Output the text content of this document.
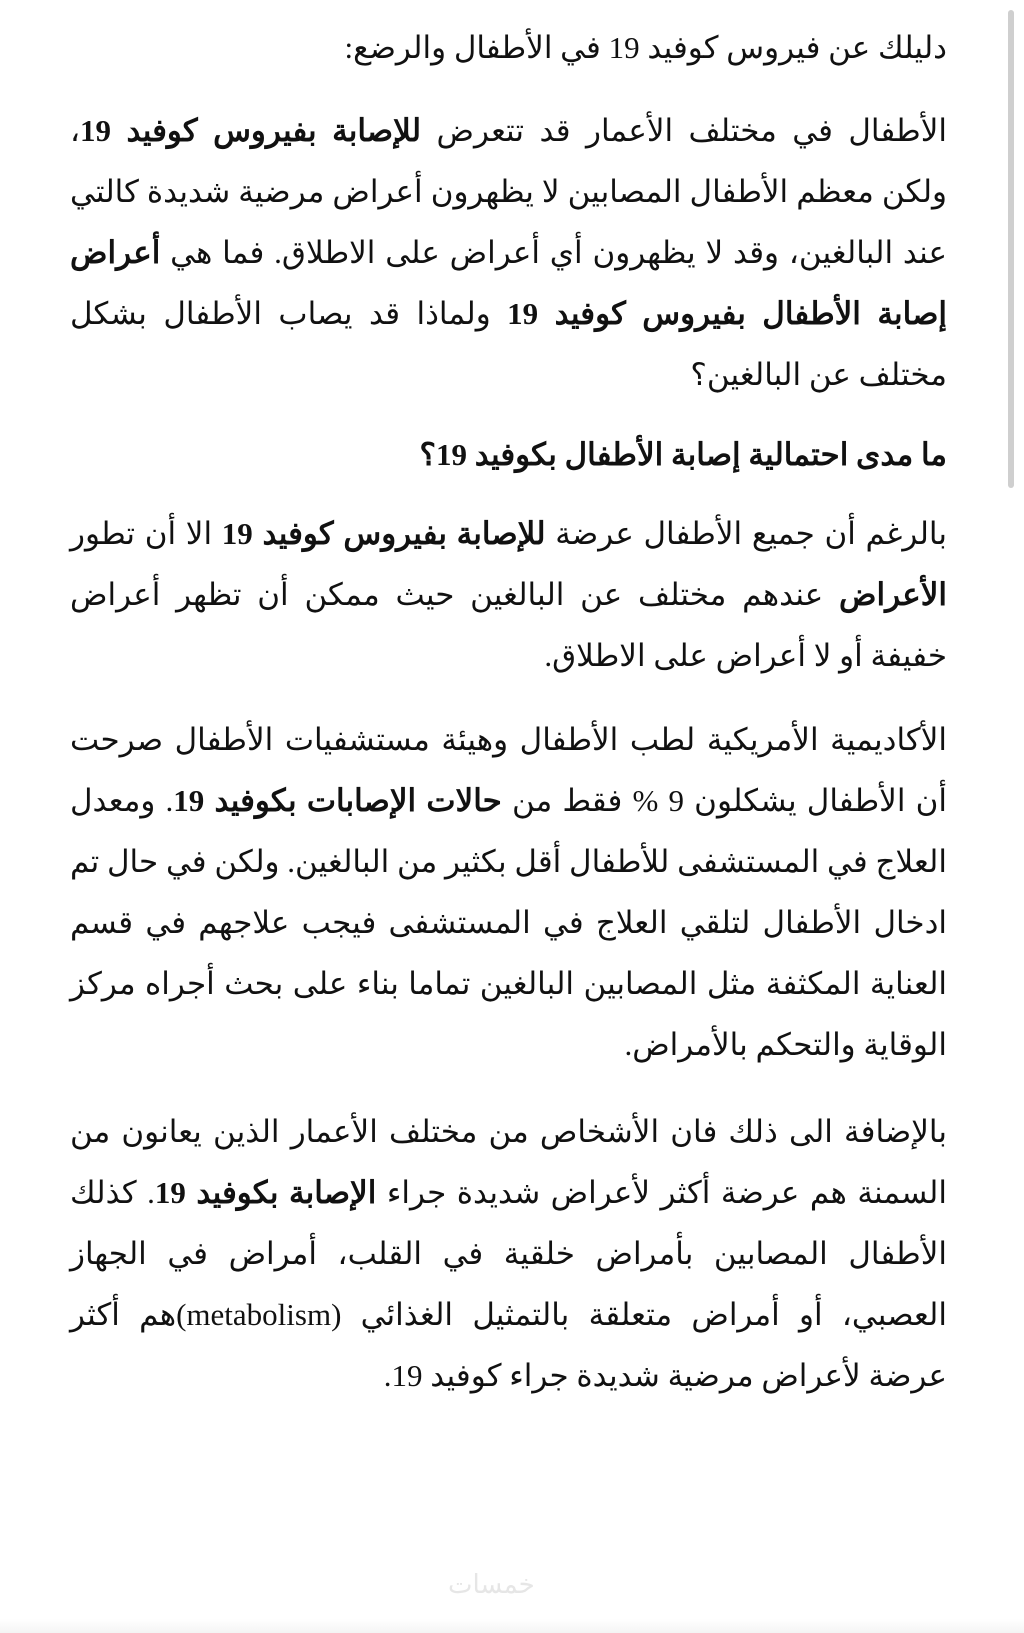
دليلك عن فيروس كوفيد 19 في الأطفال والرضع:

الأطفال في مختلف الأعمار قد تتعرض للإصابة بفيروس كوفيد 19، ولكن معظم الأطفال المصابين لا يظهرون أعراض مرضية شديدة كالتي عند البالغين، وقد لا يظهرون أي أعراض على الاطلاق. فما هي أعراض إصابة الأطفال بفيروس كوفيد 19 ولماذا قد يصاب الأطفال بشكل مختلف عن البالغين؟

ما مدى احتمالية إصابة الأطفال بكوفيد 19؟

بالرغم أن جميع الأطفال عرضة للإصابة بفيروس كوفيد 19 الا أن تطور الأعراض عندهم مختلف عن البالغين حيث ممكن أن تظهر أعراض خفيفة أو لا أعراض على الاطلاق.

الأكاديمية الأمريكية لطب الأطفال وهيئة مستشفيات الأطفال صرحت أن الأطفال يشكلون 9 % فقط من حالات الإصابات بكوفيد 19. ومعدل العلاج في المستشفى للأطفال أقل بكثير من البالغين. ولكن في حال تم ادخال الأطفال لتلقي العلاج في المستشفى فيجب علاجهم في قسم العناية المكثفة مثل المصابين البالغين تماما بناء على بحث أجراه مركز الوقاية والتحكم بالأمراض.

بالإضافة الى ذلك فان الأشخاص من مختلف الأعمار الذين يعانون من السمنة هم عرضة أكثر لأعراض شديدة جراء الإصابة بكوفيد 19. كذلك الأطفال المصابين بأمراض خلقية في القلب، أمراض في الجهاز العصبي، أو أمراض متعلقة بالتمثيل الغذائي (metabolism)هم أكثر عرضة لأعراض مرضية شديدة جراء كوفيد 19.

خمسات
